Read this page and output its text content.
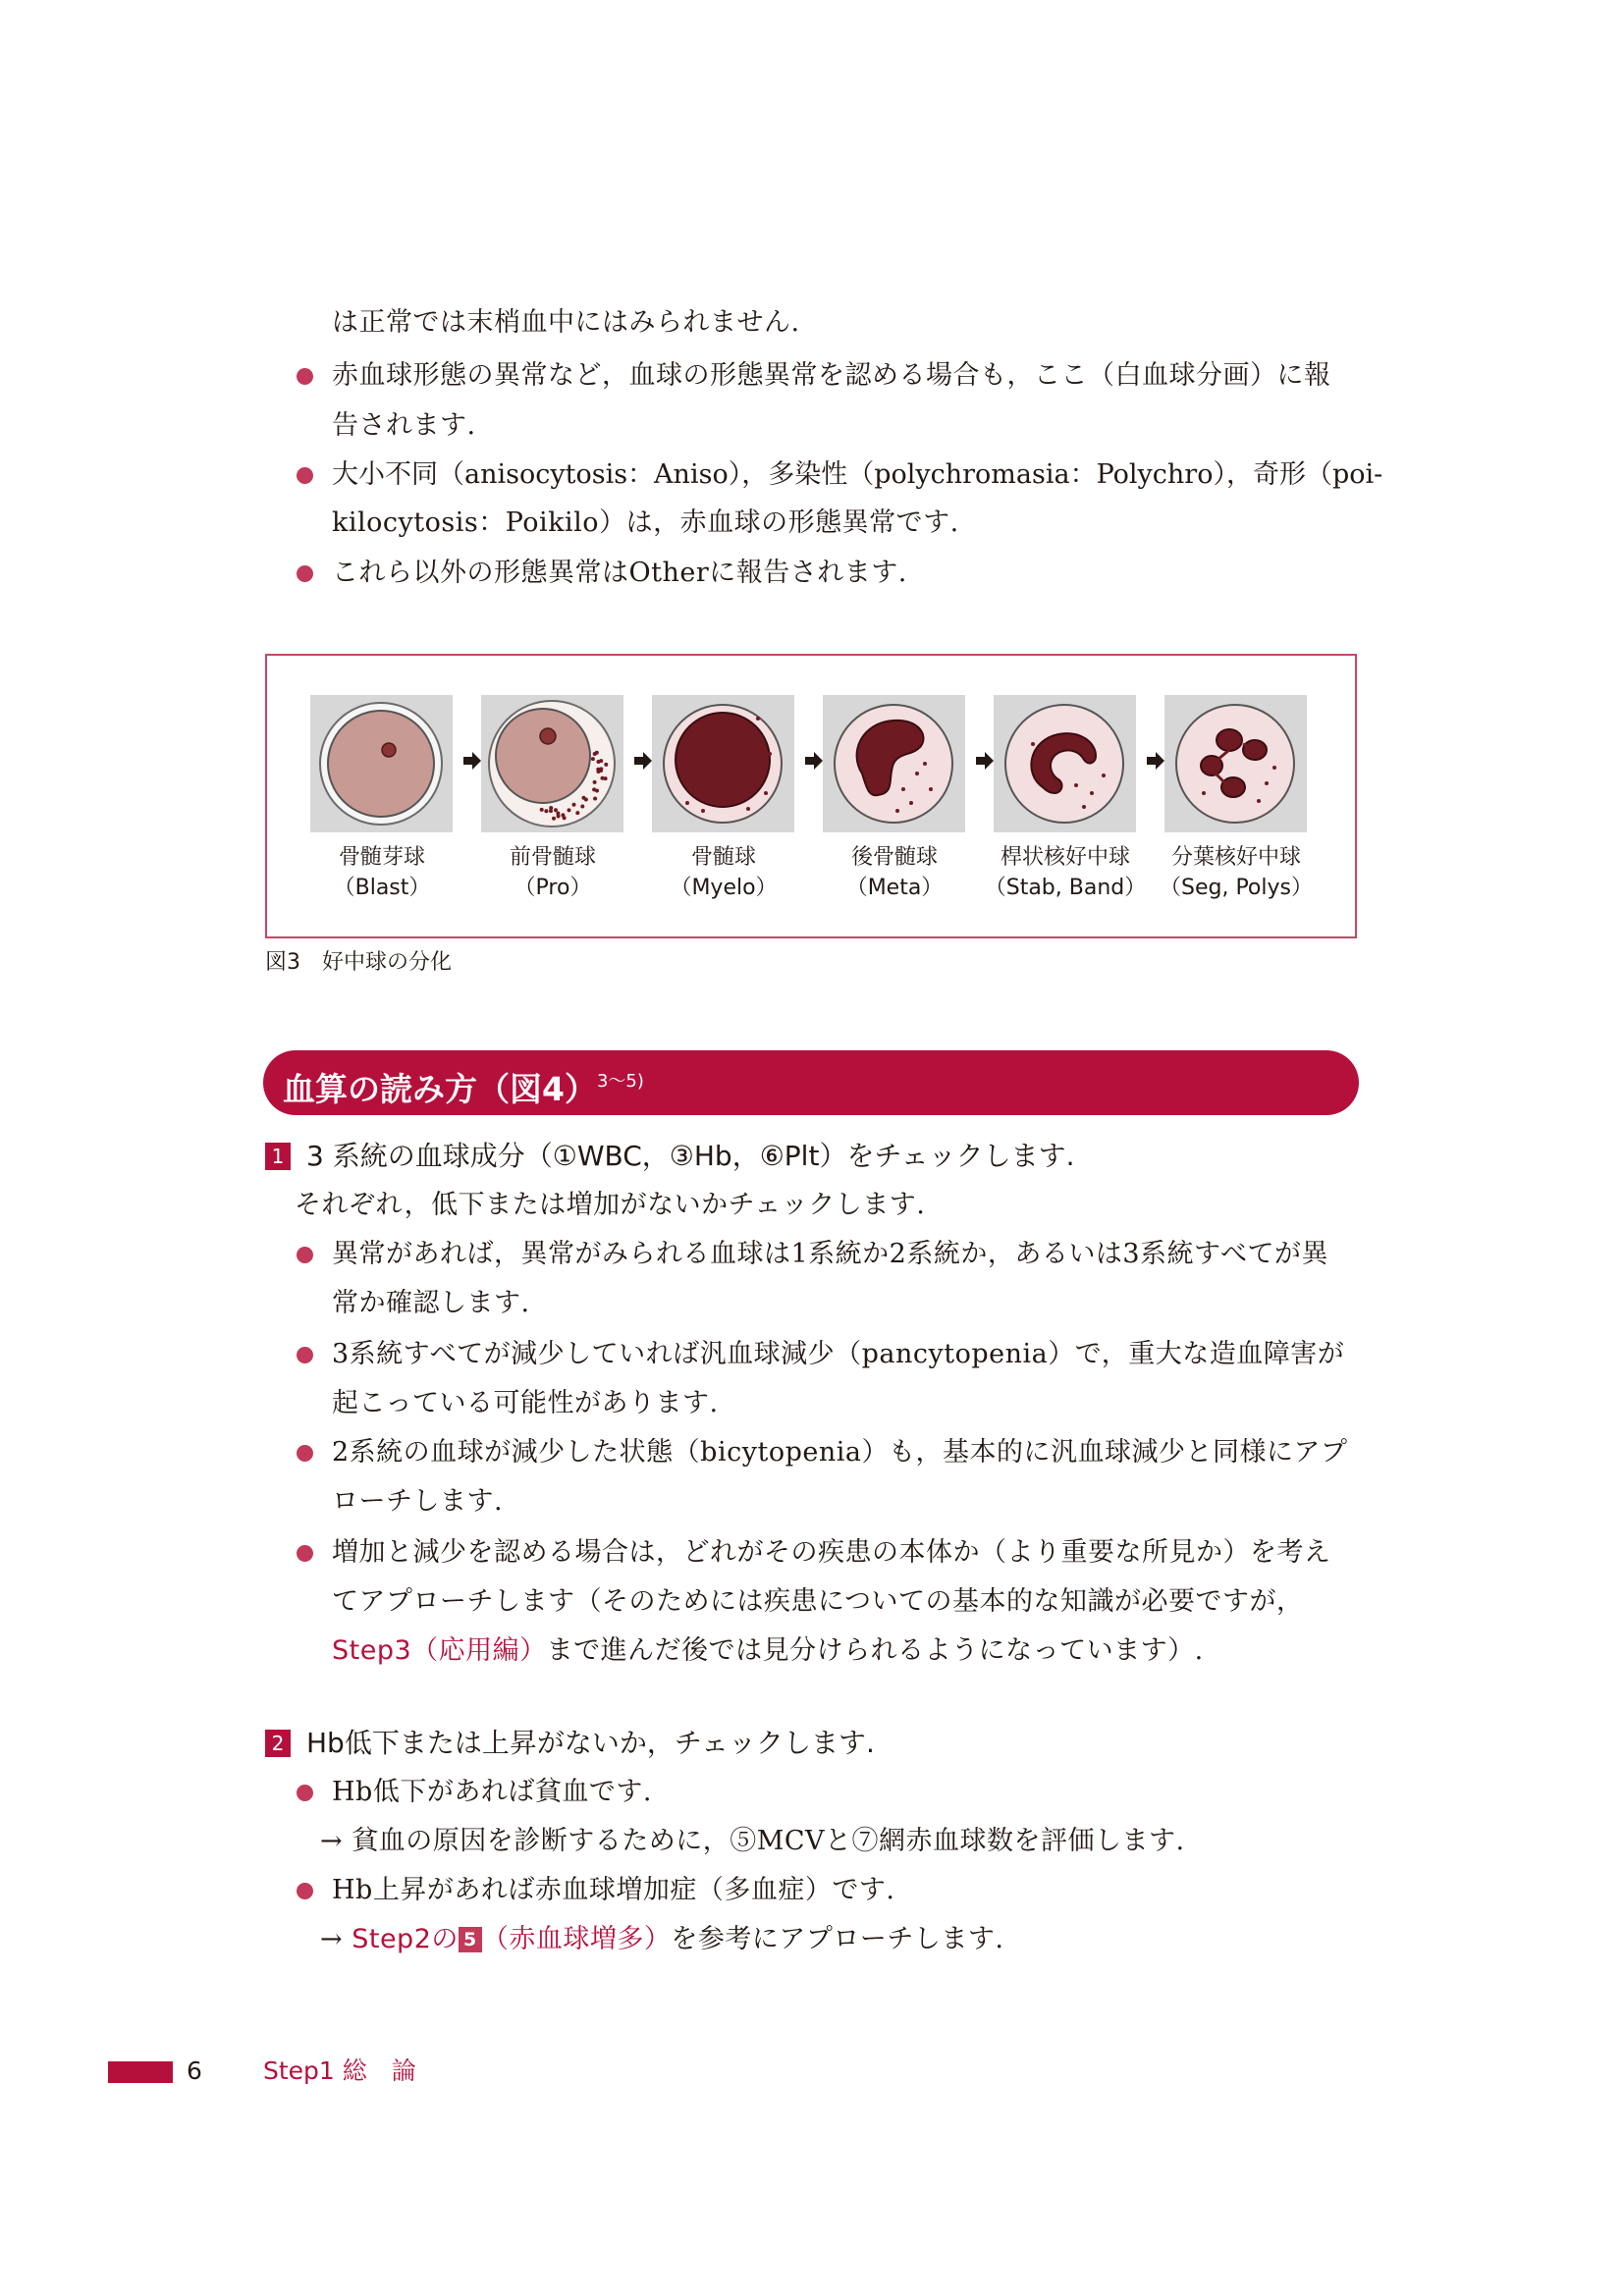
は正常では末梢血中にはみられません.
赤血球形態の異常など，血球の形態異常を認める場合も，ここ（白血球分画）に報
告されます.
大小不同（anisocytosis：Aniso），多染性（polychromasia：Polychro），奇形（poi-
kilocytosis：Poikilo）は，赤血球の形態異常です.
これら以外の形態異常はOtherに報告されます.
骨髄芽球
（Blast）
前骨髄球
（Pro）
骨髄球
（Myelo）
後骨髄球
（Meta）
桿状核好中球
（Stab, Band）
分葉核好中球
（Seg, Polys）
図3　好中球の分化
血算の読み方（図4）$^{3\sim 5)}$
1 3 系統の血球成分（①WBC，③Hb，⑥Plt）をチェックします.
それぞれ，低下または増加がないかチェックします.
異常があれば，異常がみられる血球は1系統か2系統か，あるいは3系統すべてが異
常か確認します.
3系統すべてが減少していれば汎血球減少（pancytopenia）で，重大な造血障害が
起こっている可能性があります.
2系統の血球が減少した状態（bicytopenia）も，基本的に汎血球減少と同様にアプ
ローチします.
増加と減少を認める場合は，どれがその疾患の本体か（より重要な所見か）を考え
てアプローチします（そのためには疾患についての基本的な知識が必要ですが，
Step3（応用編）まで進んだ後では見分けられるようになっています）.
2 Hb低下または上昇がないか，チェックします.
Hb低下があれば貧血です.
→ 貧血の原因を診断するために，⑤MCVと⑦網赤血球数を評価します.
Hb上昇があれば赤血球増加症（多血症）です.
→ Step2の 5 （赤血球増多）を参考にアプローチします.
6 Step1 総　論
